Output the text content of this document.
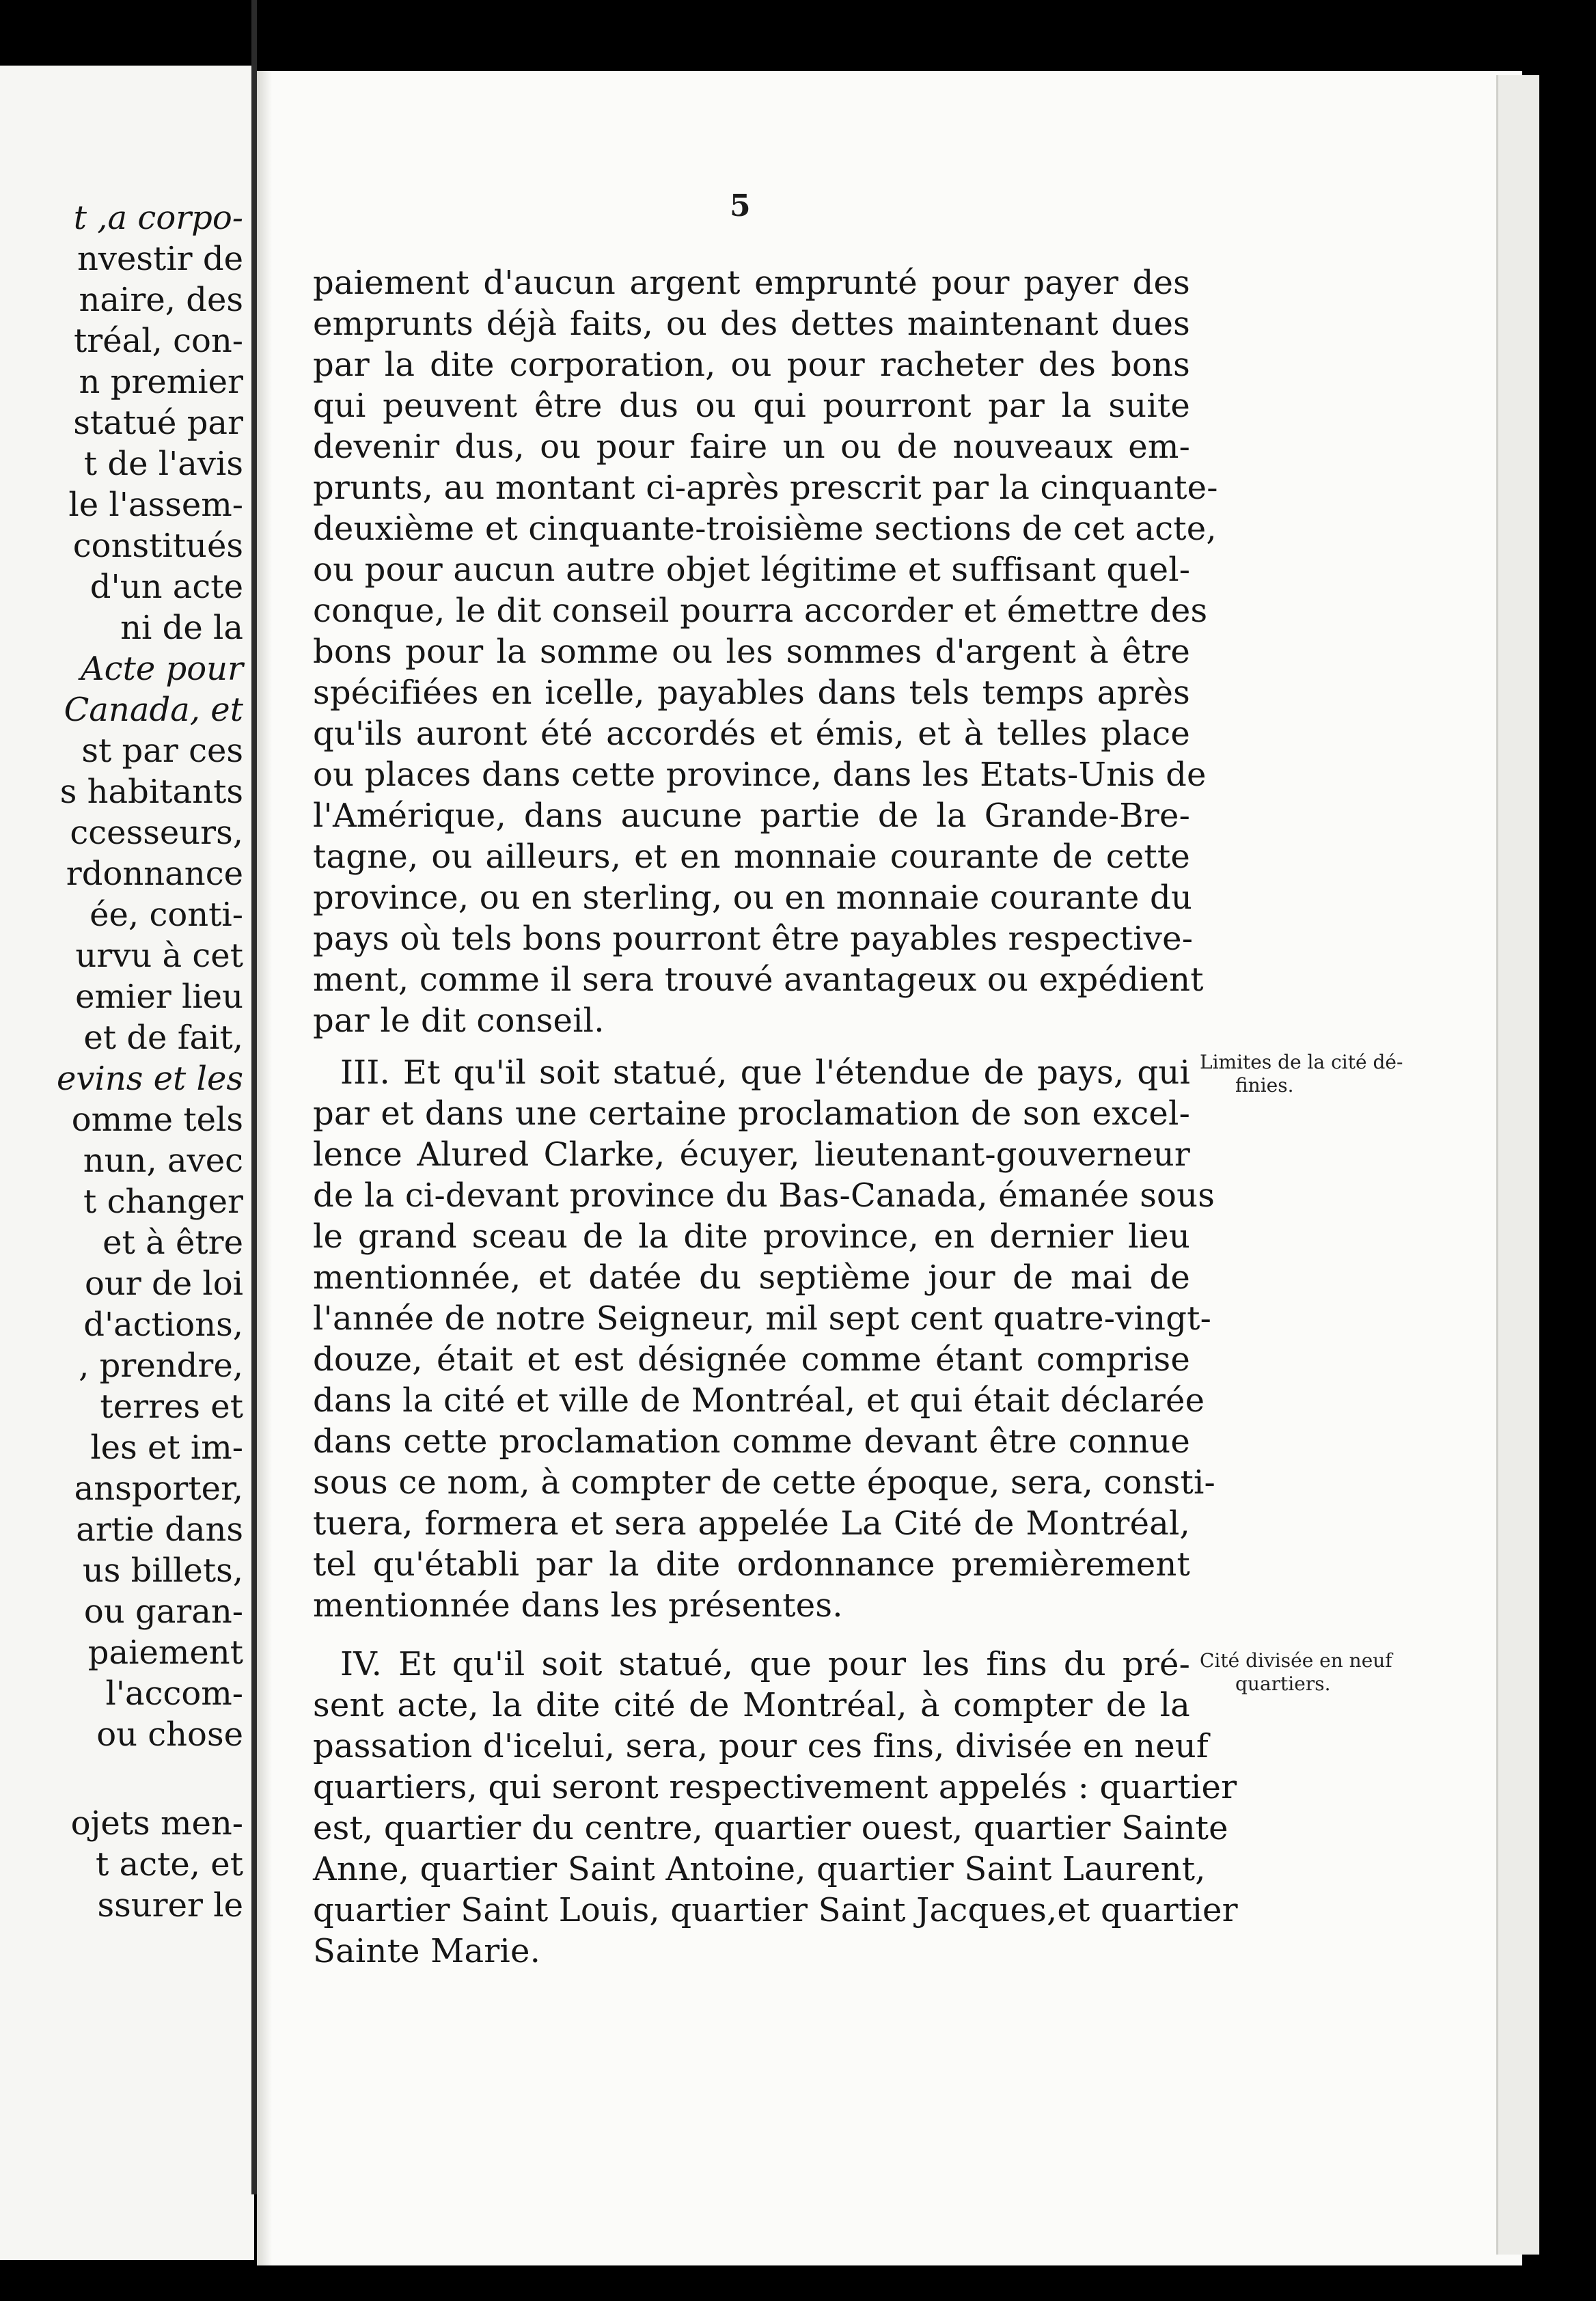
t ,a corpo-
nvestir de
naire, des
tréal, con-
n premier
statué par
t de l'avis
le l'assem-
constitués
d'un acte
ni de la
Acte pour
Canada, et
st par ces
s habitants
ccesseurs,
rdonnance
ée, conti-
urvu à cet
emier lieu
et de fait,
evins et les
omme tels
nun, avec
t changer
et à être
our de loi
d'actions,
, prendre,
terres et
les et im-
ansporter,
artie dans
us billets,
ou garan-
paiement
l'accom-
ou chose
ojets men-
t acte, et
ssurer le
5
paiement d'aucun argent emprunté pour payer des
emprunts déjà faits, ou des dettes maintenant dues
par la dite corporation, ou pour racheter des bons
qui peuvent être dus ou qui pourront par la suite
devenir dus, ou pour faire un ou de nouveaux em-
prunts, au montant ci-après prescrit par la cinquante-
deuxième et cinquante-troisième sections de cet acte,
ou pour aucun autre objet légitime et suffisant quel-
conque, le dit conseil pourra accorder et émettre des
bons pour la somme ou les sommes d'argent à être
spécifiées en icelle, payables dans tels temps après
qu'ils auront été accordés et émis, et à telles place
ou places dans cette province, dans les Etats-Unis de
l'Amérique, dans aucune partie de la Grande-Bre-
tagne, ou ailleurs, et en monnaie courante de cette
province, ou en sterling, ou en monnaie courante du
pays où tels bons pourront être payables respective-
ment, comme il sera trouvé avantageux ou expédient
par le dit conseil.
III. Et qu'il soit statué, que l'étendue de pays, qui
par et dans une certaine proclamation de son excel-
lence Alured Clarke, écuyer, lieutenant-gouverneur
de la ci-devant province du Bas-Canada, émanée sous
le grand sceau de la dite province, en dernier lieu
mentionnée, et datée du septième jour de mai de
l'année de notre Seigneur, mil sept cent quatre-vingt-
douze, était et est désignée comme étant comprise
dans la cité et ville de Montréal, et qui était déclarée
dans cette proclamation comme devant être connue
sous ce nom, à compter de cette époque, sera, consti-
tuera, formera et sera appelée La Cité de Montréal,
tel qu'établi par la dite ordonnance premièrement
mentionnée dans les présentes.
IV. Et qu'il soit statué, que pour les fins du pré-
sent acte, la dite cité de Montréal, à compter de la
passation d'icelui, sera, pour ces fins, divisée en neuf
quartiers, qui seront respectivement appelés : quartier
est, quartier du centre, quartier ouest, quartier Sainte
Anne, quartier Saint Antoine, quartier Saint Laurent,
quartier Saint Louis, quartier Saint Jacques,et quartier
Sainte Marie.
Limites de la cité dé-
finies.
Cité divisée en neuf
quartiers.
